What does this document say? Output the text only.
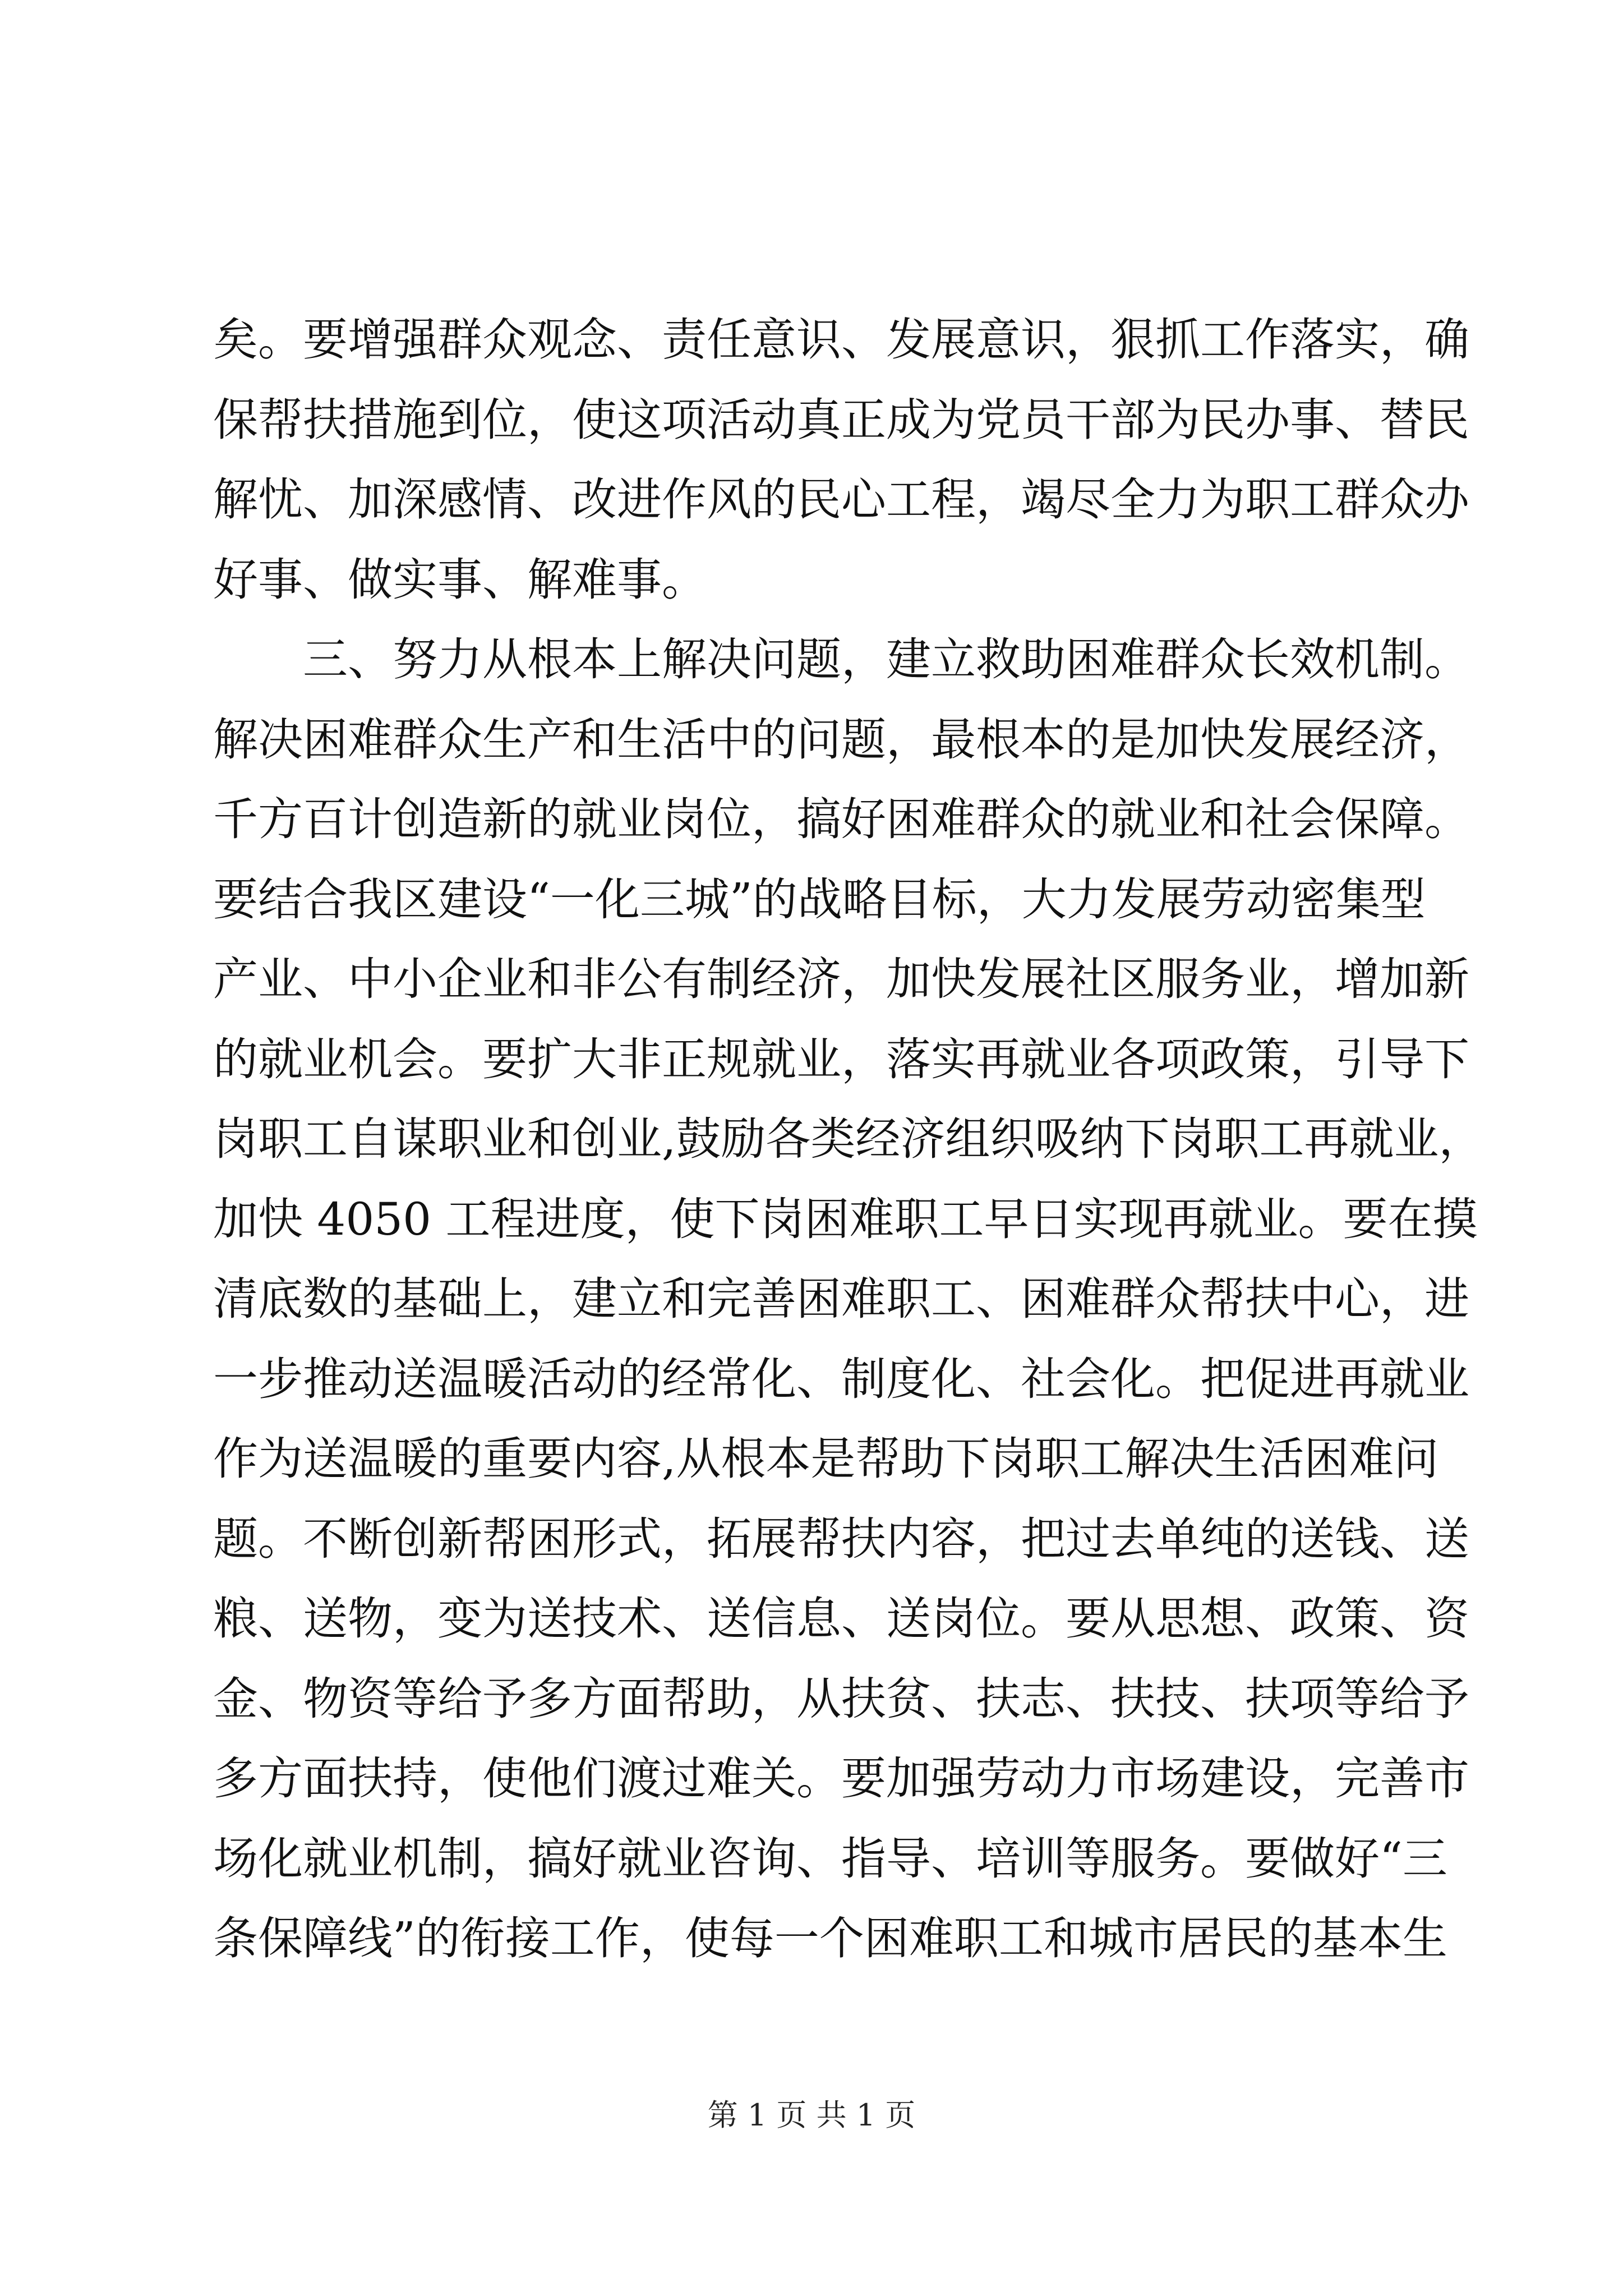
矣。要增强群众观念、责任意识、发展意识，狠抓工作落实，确
保帮扶措施到位，使这项活动真正成为党员干部为民办事、替民
解忧、加深感情、改进作风的民心工程，竭尽全力为职工群众办
好事、做实事、解难事。
三、努力从根本上解决问题，建立救助困难群众长效机制。
解决困难群众生产和生活中的问题，最根本的是加快发展经济，
千方百计创造新的就业岗位，搞好困难群众的就业和社会保障。
要结合我区建设“一化三城”的战略目标，大力发展劳动密集型
产业、中小企业和非公有制经济，加快发展社区服务业，增加新
的就业机会。要扩大非正规就业，落实再就业各项政策，引导下
岗职工自谋职业和创业,鼓励各类经济组织吸纳下岗职工再就业，
加快 4050 工程进度，使下岗困难职工早日实现再就业。要在摸
清底数的基础上，建立和完善困难职工、困难群众帮扶中心，进
一步推动送温暖活动的经常化、制度化、社会化。把促进再就业
作为送温暖的重要内容,从根本是帮助下岗职工解决生活困难问
题。不断创新帮困形式，拓展帮扶内容，把过去单纯的送钱、送
粮、送物，变为送技术、送信息、送岗位。要从思想、政策、资
金、物资等给予多方面帮助，从扶贫、扶志、扶技、扶项等给予
多方面扶持，使他们渡过难关。要加强劳动力市场建设，完善市
场化就业机制，搞好就业咨询、指导、培训等服务。要做好“三
条保障线”的衔接工作，使每一个困难职工和城市居民的基本生
第 1 页 共 1 页
